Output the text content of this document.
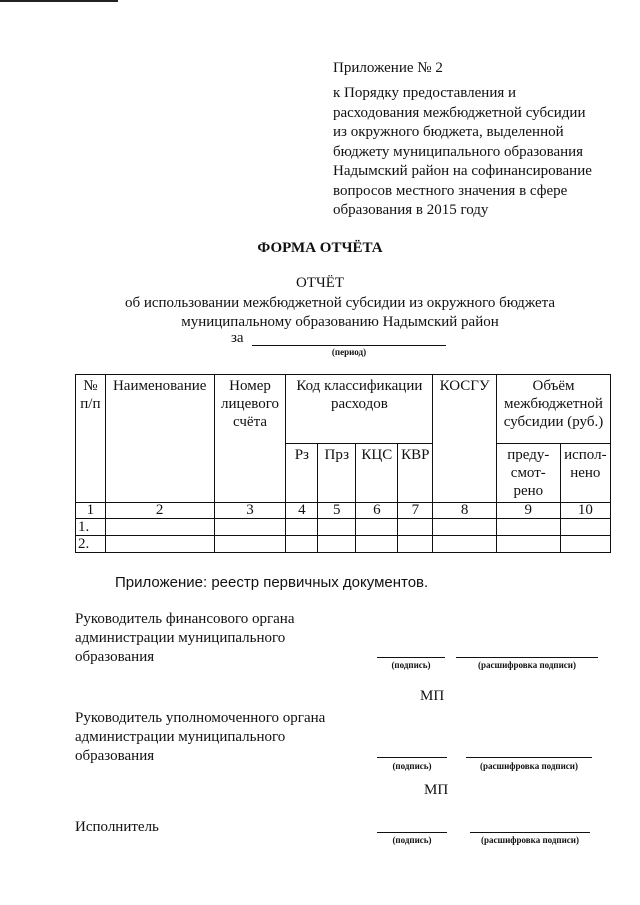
Приложение № 2
к Порядку предоставления и
расходования межбюджетной субсидии
из окружного бюджета, выделенной
бюджету муниципального образования
Надымский район на софинансирование
вопросов местного значения в сфере
образования в 2015 году
ФОРМА ОТЧЁТА
ОТЧЁТ
об использовании межбюджетной субсидии из окружного бюджета
муниципальному образованию Надымский район
за
(период)
№ п/п	Наименование	Номер лицевого счёта	Код классификации расходов				КОСГУ	Объём межбюджетной субсидии (руб.)	
			Рз	Прз	КЦС	КВР		преду-смот-рено	испол-нено
1	2	3	4	5	6	7	8	9	10
1.									
2.									
Приложение: реестр первичных документов.
Руководитель финансового органа администрации муниципального образования	(подпись)	(расшифровка подписи)
МП
Руководитель уполномоченного органа администрации муниципального образования
(подпись)	(расшифровка подписи)
МП
Исполнитель
(подпись)	(расшифровка подписи)
